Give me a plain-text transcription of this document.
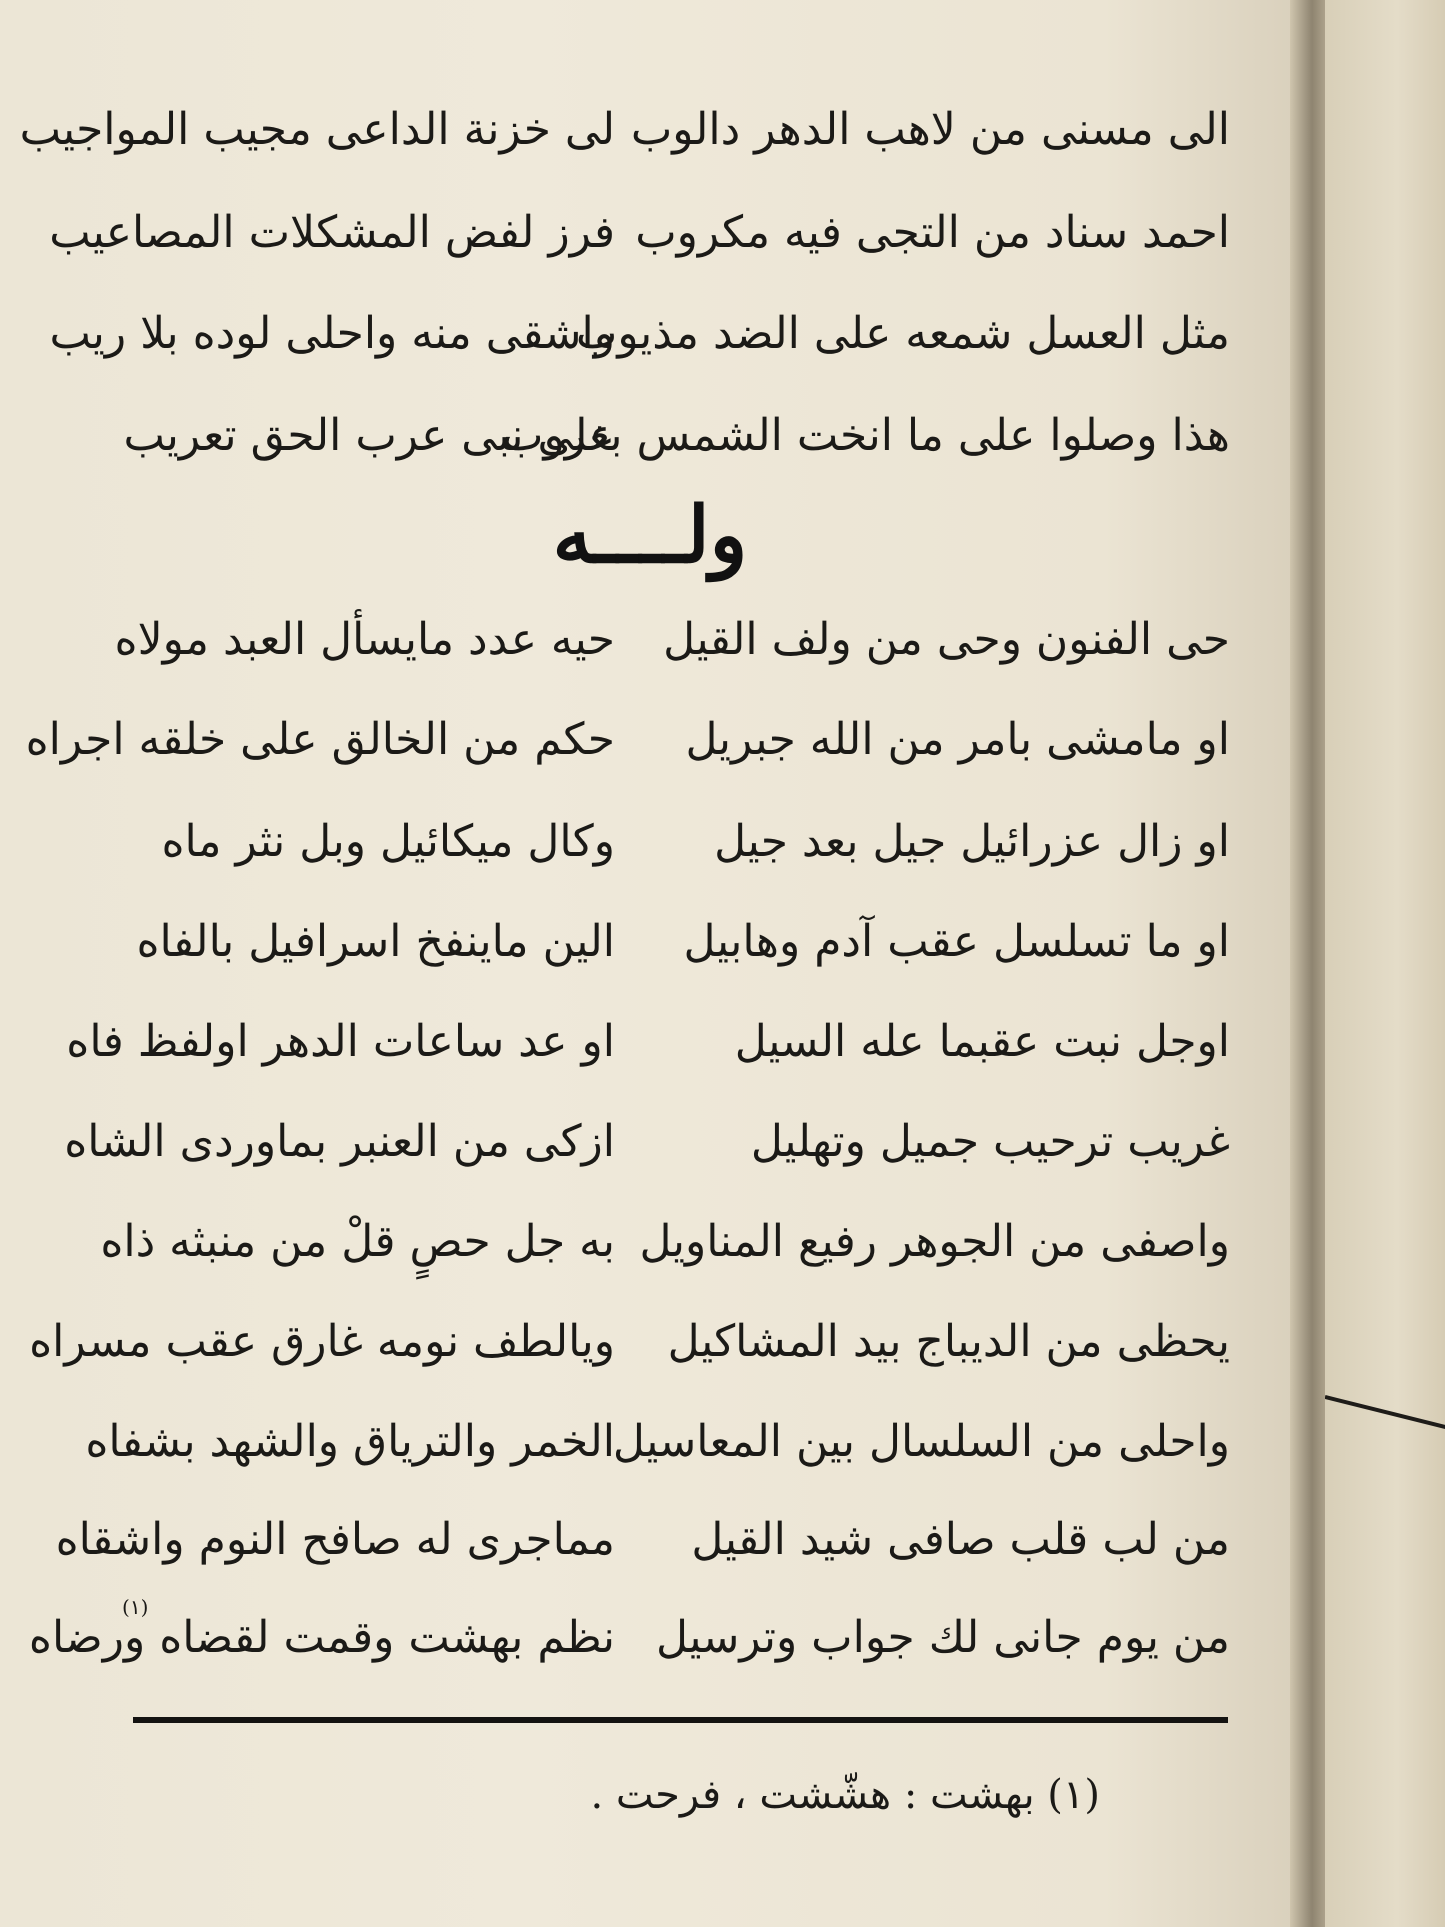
الى مسنى من لاهب الدهر دالوب
لى خزنة الداعى مجيب المواجيب
احمد سناد من التجى فيه مكروب
فرز لفض المشكلات المصاعيب
مثل العسل شمعه على الضد مذيوب
واشقى منه واحلى لوده بلا ريب
هذا وصلوا على ما انخت الشمس بغروب
على نبى عرب الحق تعريب
ولــــه
حى الفنون وحى من ولف القيل
حيه عدد مايسأل العبد مولاه
او مامشى بامر من الله جبريل
حكم من الخالق على خلقه اجراه
او زال عزرائيل جيل بعد جيل
وكال ميكائيل وبل نثر ماه
او ما تسلسل عقب آدم وهابيل
الين ماينفخ اسرافيل بالفاه
اوجل نبت عقبما عله السيل
او عد ساعات الدهر اولفظ فاه
غريب ترحيب جميل وتهليل
ازكى من العنبر بماوردى الشاه
واصفى من الجوهر رفيع المناويل
به جل حصٍ قلْ من منبثه ذاه
يحظى من الديباج بيد المشاكيل
ويالطف نومه غارق عقب مسراه
واحلى من السلسال بين المعاسيل
الخمر والترياق والشهد بشفاه
من لب قلب صافى شيد القيل
مماجرى له صافح النوم واشقاه
من يوم جانى لك جواب وترسيل
نظم بهشت وقمت لقضاه ورضاه
(١)
(١) بهشت : هشّشت ، فرحت .
